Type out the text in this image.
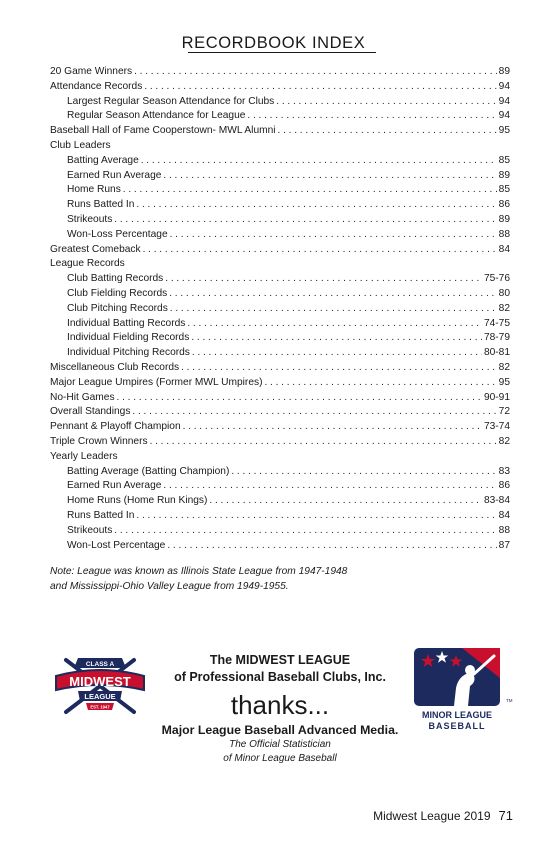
RECORDBOOK INDEX
20 Game Winners . . .	89
Attendance Records . . .	94
Largest Regular Season Attendance for Clubs . . .	94
Regular Season Attendance for League . . .	94
Baseball Hall of Fame Cooperstown- MWL Alumni . . .	95
Club Leaders
Batting Average . . .	85
Earned Run Average . . .	89
Home Runs . . .	85
Runs Batted In . . .	86
Strikeouts . . .	89
Won-Loss Percentage . . .	88
Greatest Comeback . . .	84
League Records
Club Batting Records . . .	75-76
Club Fielding Records . . .	80
Club Pitching Records . . .	82
Individual Batting Records . . .	74-75
Individual Fielding Records . . .	78-79
Individual Pitching Records . . .	80-81
Miscellaneous Club Records . . .	82
Major League Umpires (Former MWL Umpires) . . .	95
No-Hit Games . . .	90-91
Overall Standings . . .	72
Pennant & Playoff Champion . . .	73-74
Triple Crown Winners . . .	82
Yearly Leaders
Batting Average (Batting Champion) . . .	83
Earned Run Average . . .	86
Home Runs (Home Run Kings) . . .	83-84
Runs Batted In . . .	84
Strikeouts . . .	88
Won-Lost Percentage . . .	87
Note: League was known as Illinois State League from 1947-1948
and Mississippi-Ohio Valley League from 1949-1955.
CLASS A
MIDWEST
LEAGUE
EST. 1947
The MIDWEST LEAGUE
of Professional Baseball Clubs, Inc.
thanks...
Major League Baseball Advanced Media.
The Official Statistician
of Minor League Baseball
TM
MINOR LEAGUE
BASEBALL
Midwest League 2019 71
